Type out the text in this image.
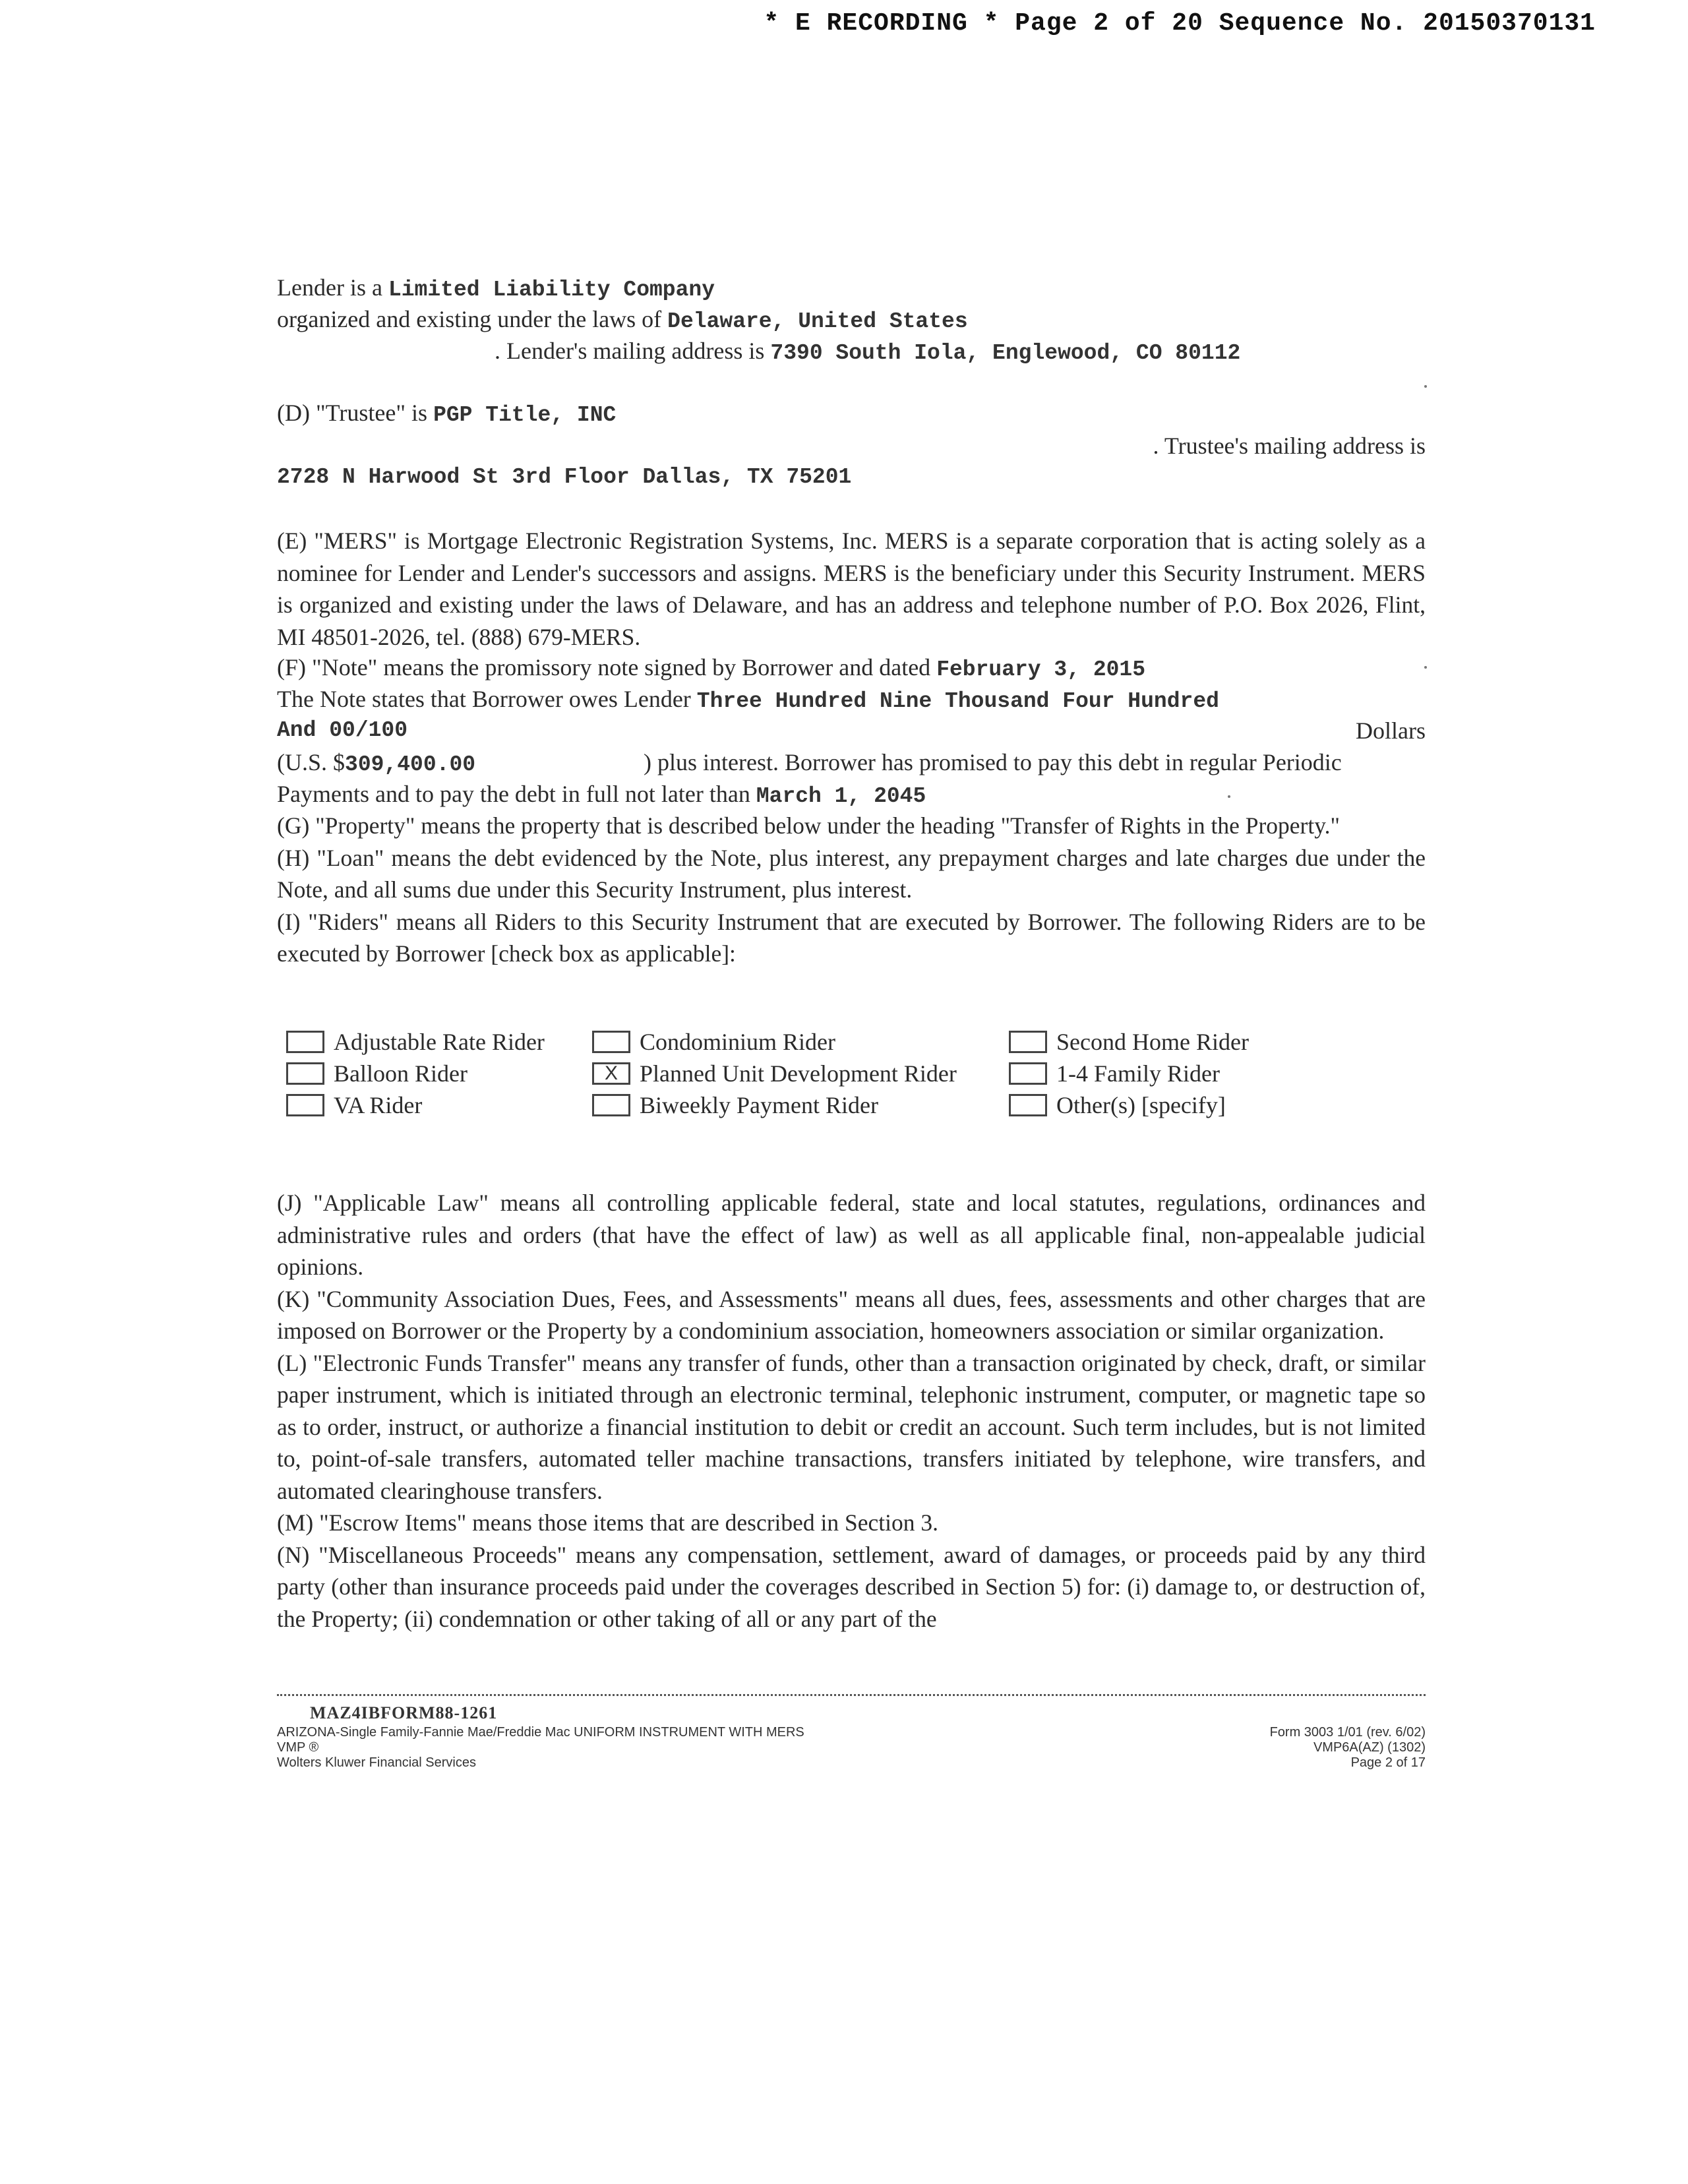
* E RECORDING * Page 2 of 20 Sequence No. 20150370131
Lender is a Limited Liability Company
organized and existing under the laws of Delaware, United States
. Lender's mailing address is 7390 South Iola, Englewood, CO 80112
(D) "Trustee" is PGP Title, INC
. Trustee's mailing address is
2728 N Harwood St 3rd Floor Dallas, TX 75201

(E) "MERS" is Mortgage Electronic Registration Systems, Inc. MERS is a separate corporation that is acting solely as a nominee for Lender and Lender's successors and assigns. MERS is the beneficiary under this Security Instrument. MERS is organized and existing under the laws of Delaware, and has an address and telephone number of P.O. Box 2026, Flint, MI 48501-2026, tel. (888) 679-MERS.

(F) "Note" means the promissory note signed by Borrower and dated February 3, 2015
The Note states that Borrower owes Lender Three Hundred Nine Thousand Four Hundred
And 00/100	Dollars
(U.S. $309,400.00	) plus interest. Borrower has promised to pay this debt in regular Periodic
Payments and to pay the debt in full not later than March 1, 2045

(G) "Property" means the property that is described below under the heading "Transfer of Rights in the Property."

(H) "Loan" means the debt evidenced by the Note, plus interest, any prepayment charges and late charges due under the Note, and all sums due under this Security Instrument, plus interest.

(I) "Riders" means all Riders to this Security Instrument that are executed by Borrower. The following Riders are to be executed by Borrower [check box as applicable]:

Adjustable Rate Rider	Condominium Rider	Second Home Rider
Balloon Rider	X Planned Unit Development Rider	1-4 Family Rider
VA Rider	Biweekly Payment Rider	Other(s) [specify]

(J) "Applicable Law" means all controlling applicable federal, state and local statutes, regulations, ordinances and administrative rules and orders (that have the effect of law) as well as all applicable final, non-appealable judicial opinions.

(K) "Community Association Dues, Fees, and Assessments" means all dues, fees, assessments and other charges that are imposed on Borrower or the Property by a condominium association, homeowners association or similar organization.

(L) "Electronic Funds Transfer" means any transfer of funds, other than a transaction originated by check, draft, or similar paper instrument, which is initiated through an electronic terminal, telephonic instrument, computer, or magnetic tape so as to order, instruct, or authorize a financial institution to debit or credit an account. Such term includes, but is not limited to, point-of-sale transfers, automated teller machine transactions, transfers initiated by telephone, wire transfers, and automated clearinghouse transfers.

(M) "Escrow Items" means those items that are described in Section 3.

(N) "Miscellaneous Proceeds" means any compensation, settlement, award of damages, or proceeds paid by any third party (other than insurance proceeds paid under the coverages described in Section 5) for: (i) damage to, or destruction of, the Property; (ii) condemnation or other taking of all or any part of the

MAZ4IBFORM88-1261
ARIZONA-Single Family-Fannie Mae/Freddie Mac UNIFORM INSTRUMENT WITH MERS
VMP ®
Wolters Kluwer Financial Services
Form 3003 1/01 (rev. 6/02)
VMP6A(AZ) (1302)
Page 2 of 17
